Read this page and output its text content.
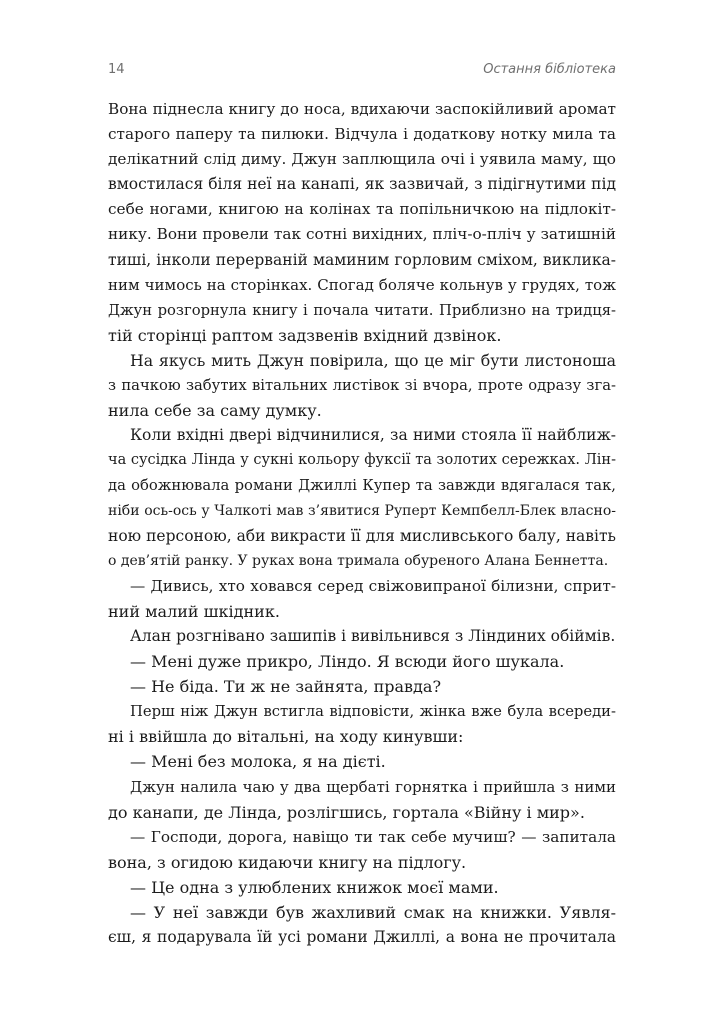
14	Остання бібліотека
Вона піднесла книгу до носа, вдихаючи заспокійливий аромат
старого паперу та пилюки. Відчула і додаткову нотку мила та
делікатний слід диму. Джун заплющила очі і уявила маму, що
вмостилася біля неї на канапі, як зазвичай, з підігнутими під
себе ногами, книгою на колінах та попільничкою на підлокіт-
нику. Вони провели так сотні вихідних, пліч-о-пліч у затишній
тиші, інколи перерваній маминим горловим сміхом, виклика-
ним чимось на сторінках. Спогад боляче кольнув у грудях, тож
Джун розгорнула книгу і почала читати. Приблизно на тридця-
тій сторінці раптом задзвенів вхідний дзвінок.
На якусь мить Джун повірила, що це міг бути листоноша
з пачкою забутих вітальних листівок зі вчора, проте одразу зга-
нила себе за саму думку.
Коли вхідні двері відчинилися, за ними стояла її найближ-
ча сусідка Лінда у сукні кольору фуксії та золотих сережках. Лін-
да обожнювала романи Джиллі Купер та завжди вдягалася так,
ніби ось-ось у Чалкоті мав з’явитися Руперт Кемпбелл-Блек власно-
ною персоною, аби викрасти її для мисливського балу, навіть
о дев’ятій ранку. У руках вона тримала обуреного Алана Беннетта.
— Дивись, хто ховався серед свіжовипраної білизни, сприт-
ний малий шкідник.
Алан розгнівано зашипів і вивільнився з Ліндиних обіймів.
— Мені дуже прикро, Ліндо. Я всюди його шукала.
— Не біда. Ти ж не зайнята, правда?
Перш ніж Джун встигла відповісти, жінка вже була всереди-
ні і ввійшла до вітальні, на ходу кинувши:
— Мені без молока, я на дієті.
Джун налила чаю у два щербаті горнятка і прийшла з ними
до канапи, де Лінда, розлігшись, гортала «Війну і мир».
— Господи, дорога, навіщо ти так себе мучиш? — запитала
вона, з огидою кидаючи книгу на підлогу.
— Це одна з улюблених книжок моєї мами.
— У неї завжди був жахливий смак на книжки. Уявля-
єш, я подарувала їй усі романи Джиллі, а вона не прочитала
